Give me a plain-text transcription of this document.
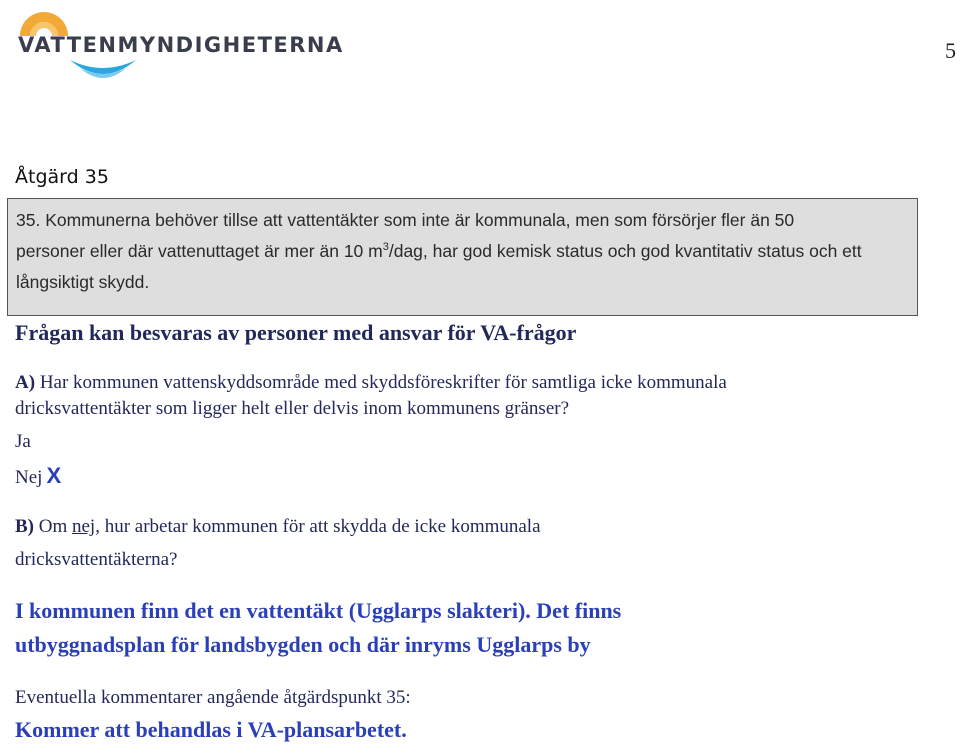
VATTENMYNDIGHETERNA	5
Åtgärd 35
35. Kommunerna behöver tillse att vattentäkter som inte är kommunala, men som försörjer fler än 50
personer eller där vattenuttaget är mer än 10 $m^3$/dag, har god kemisk status och god kvantitativ status och ett
långsiktigt skydd.
Frågan kan besvaras av personer med ansvar för VA-frågor
A) Har kommunen vattenskyddsområde med skyddsföreskrifter för samtliga icke kommunala
dricksvattentäkter som ligger helt eller delvis inom kommunens gränser?
Ja
Nej X
B) Om nej, hur arbetar kommunen för att skydda de icke kommunala
dricksvattentäkterna?
I kommunen finn det en vattentäkt (Ugglarps slakteri). Det finns
utbyggnadsplan för landsbygden och där inryms Ugglarps by
Eventuella kommentarer angående åtgärdspunkt 35:
Kommer att behandlas i VA-plansarbetet.
